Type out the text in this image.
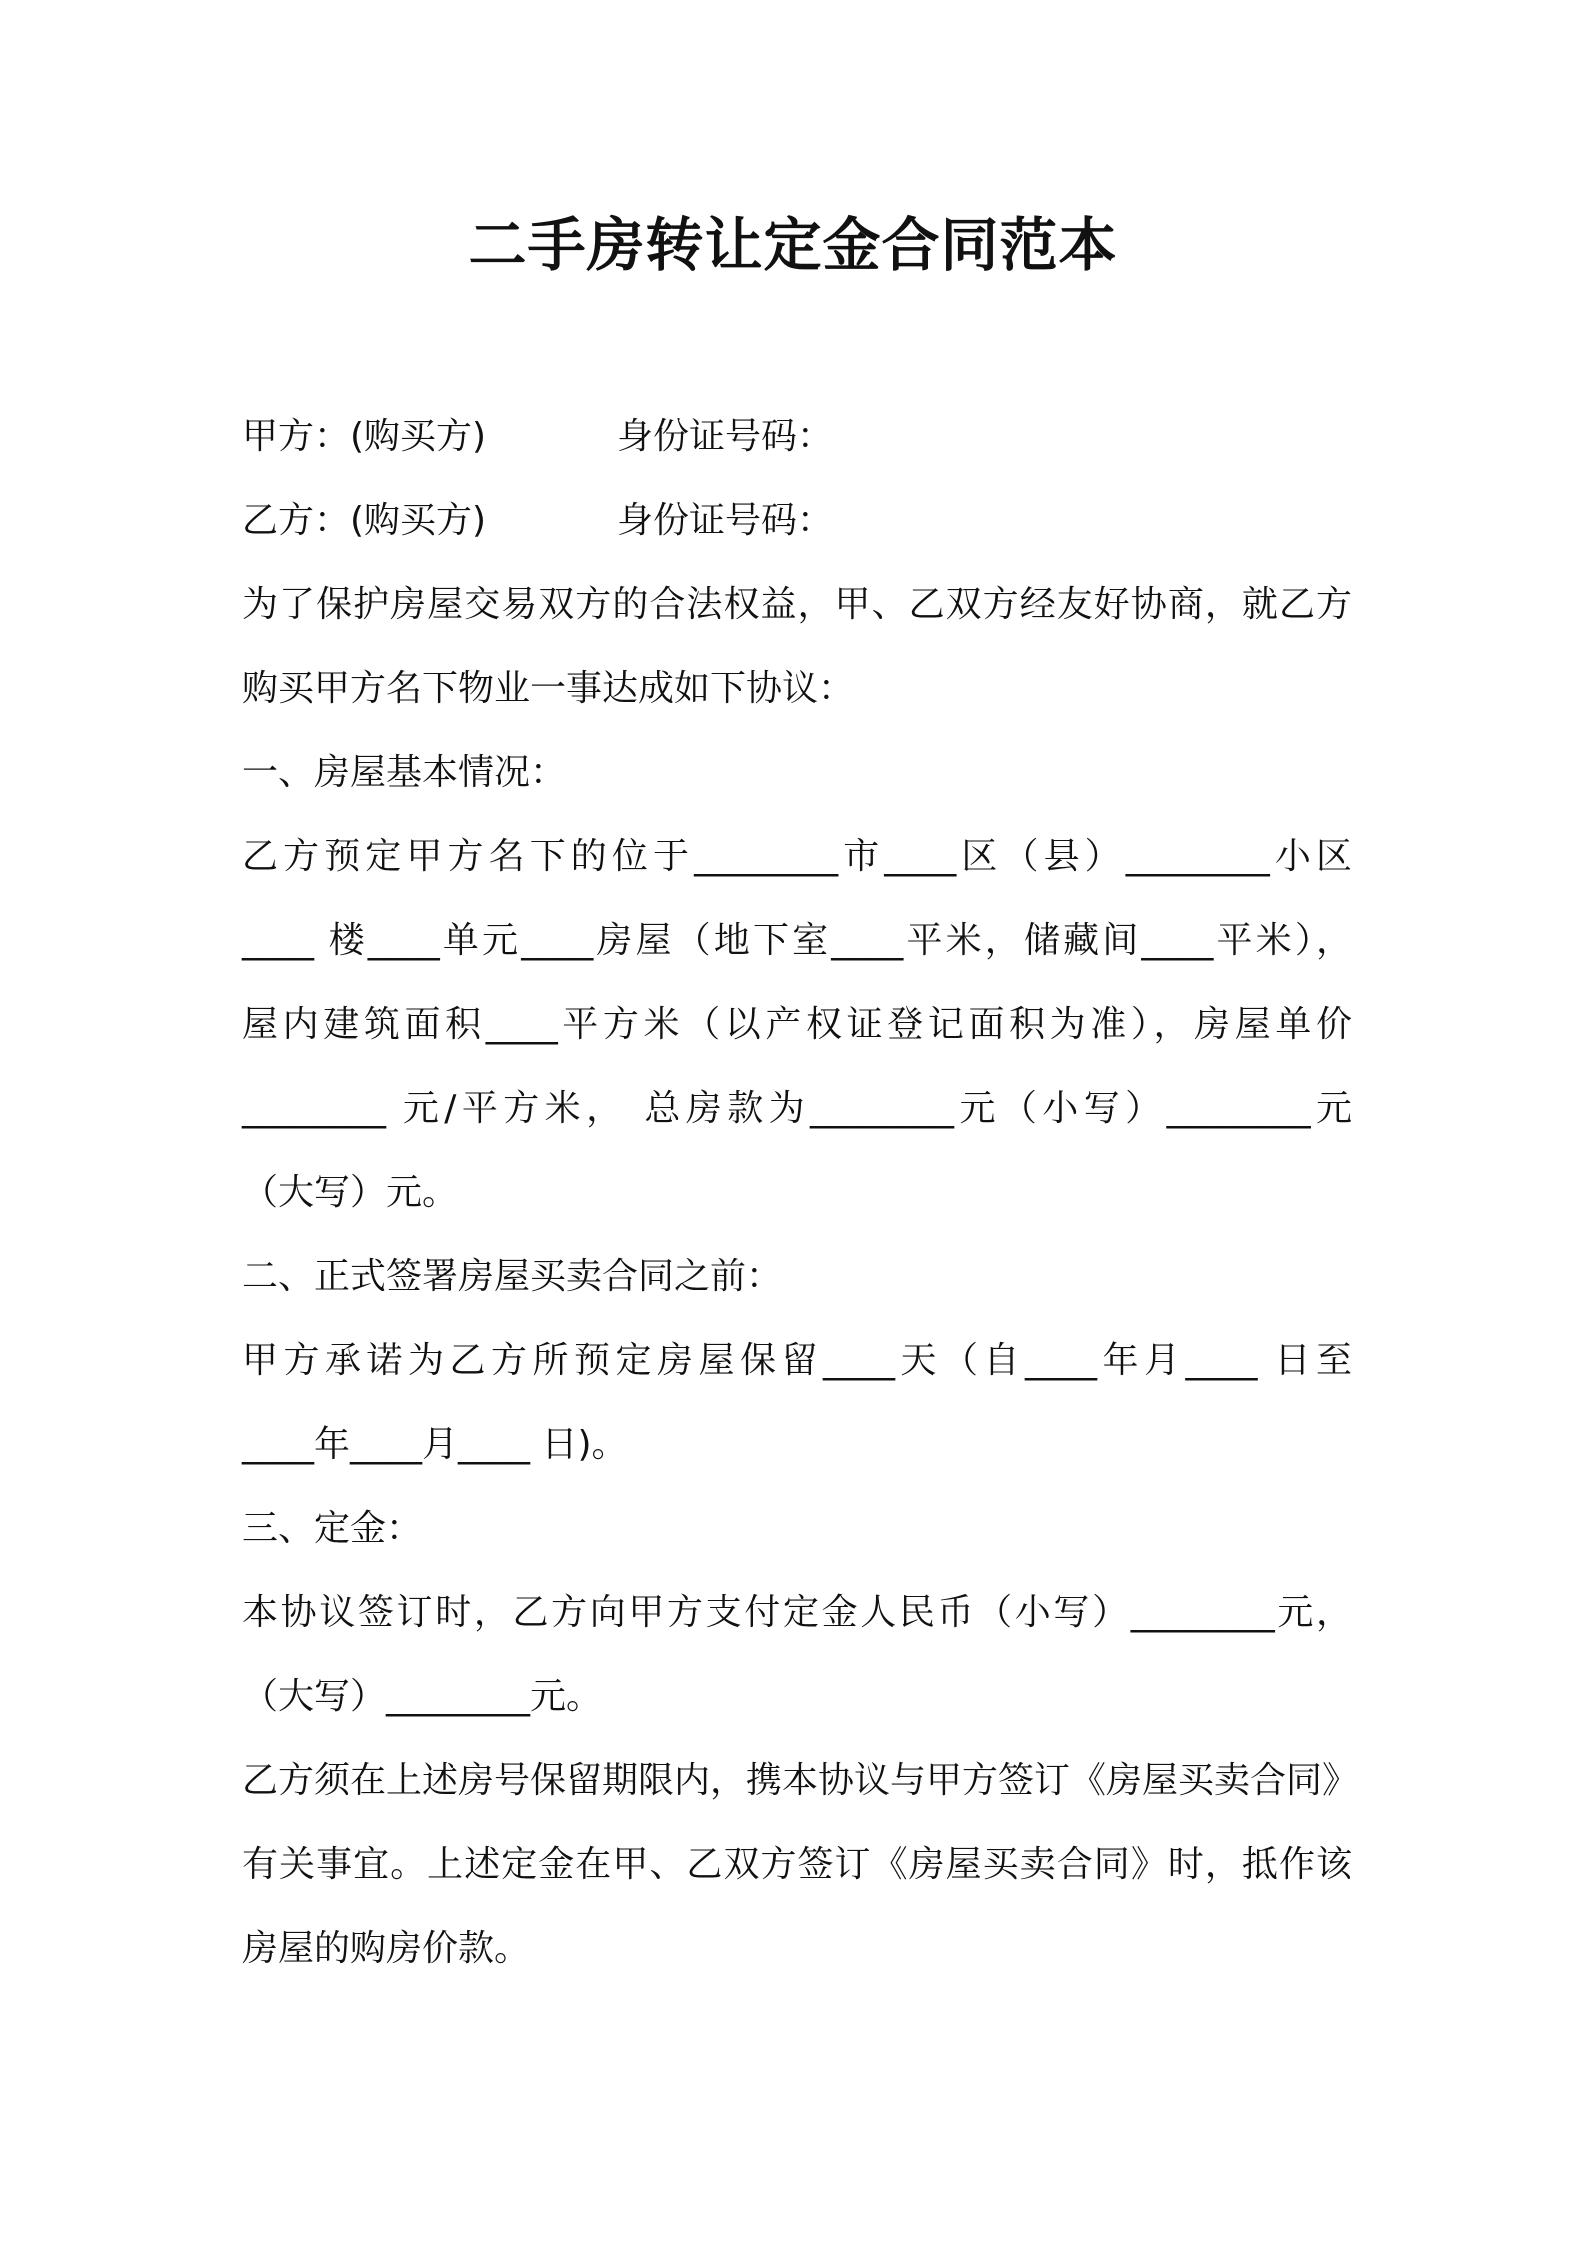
二手房转让定金合同范本
甲方：(购买方)	身份证号码：
乙方：(购买方)	身份证号码：
为了保护房屋交易双方的合法权益，甲、乙双方经友好协商，就乙方
购买甲方名下物业一事达成如下协议：
一、房屋基本情况：
乙方预定甲方名下的位于________市____区（县）________小区
____ 楼____单元____房屋（地下室____平米，储藏间____平米），
屋内建筑面积____平方米（以产权证登记面积为准），房屋单价
________ 元/平方米， 总房款为________元（小写）________元
（大写）元。
二、正式签署房屋买卖合同之前：
甲方承诺为乙方所预定房屋保留____天（自____年月____ 日至
____年____月____ 日)。
三、定金：
本协议签订时，乙方向甲方支付定金人民币（小写）________元，
（大写）________元。
乙方须在上述房号保留期限内，携本协议与甲方签订《房屋买卖合同》
有关事宜。上述定金在甲、乙双方签订《房屋买卖合同》时，抵作该
房屋的购房价款。
